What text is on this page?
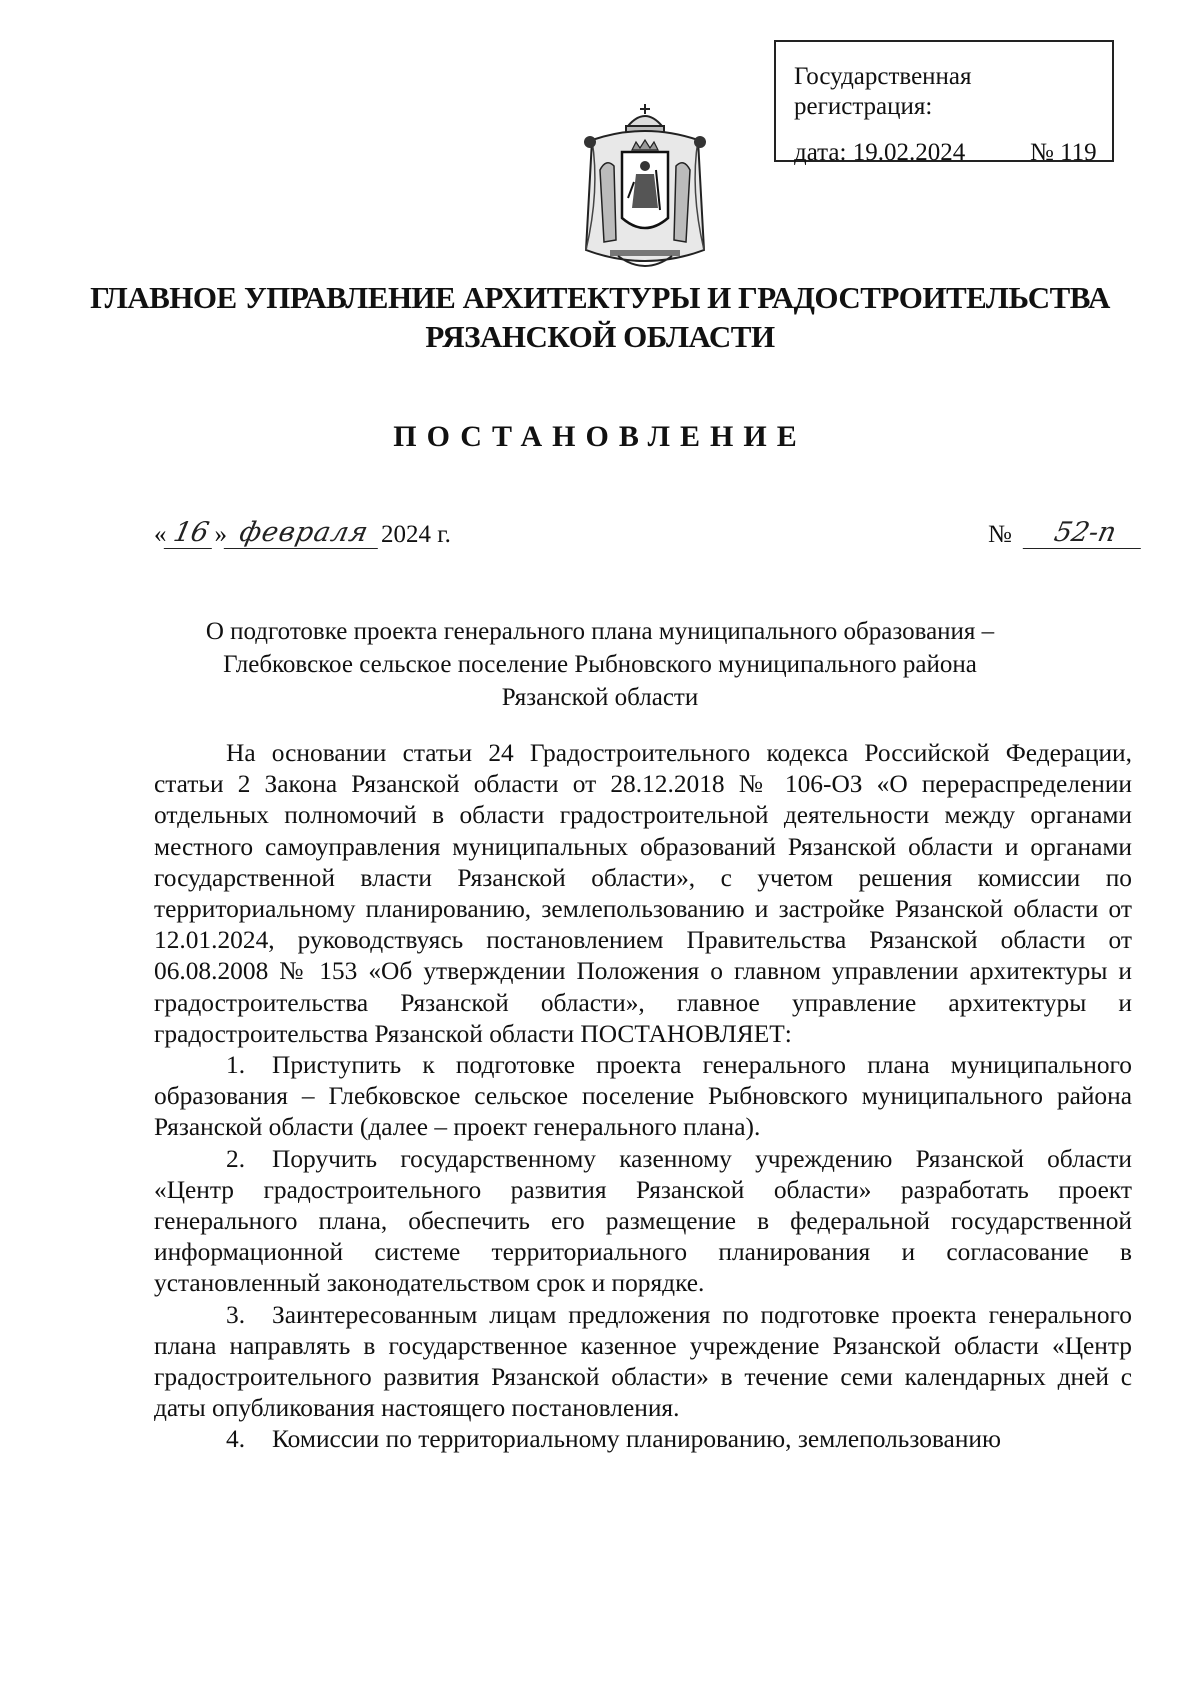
Государственная регистрация:
дата: 19.02.2024	№ 119
ГЛАВНОЕ УПРАВЛЕНИЕ АРХИТЕКТУРЫ И ГРАДОСТРОИТЕЛЬСТВА
РЯЗАНСКОЙ ОБЛАСТИ
ПОСТАНОВЛЕНИЕ
« 16 » февраля 2024 г.	№	52-п
О подготовке проекта генерального плана муниципального образования –
Глебковское сельское поселение Рыбновского муниципального района
Рязанской области

На основании статьи 24 Градостроительного кодекса Российской Федерации, статьи 2 Закона Рязанской области от 28.12.2018 № 106-ОЗ «О перераспределении отдельных полномочий в области градостроительной деятельности между органами местного самоуправления муниципальных образований Рязанской области и органами государственной власти Рязанской области», с учетом решения комиссии по территориальному планированию, землепользованию и застройке Рязанской области от 12.01.2024, руководствуясь постановлением Правительства Рязанской области от 06.08.2008 № 153 «Об утверждении Положения о главном управлении архитектуры и градостроительства Рязанской области», главное управление архитектуры и градостроительства Рязанской области ПОСТАНОВЛЯЕТ:

1. Приступить к подготовке проекта генерального плана муниципального образования – Глебковское сельское поселение Рыбновского муниципального района Рязанской области (далее – проект генерального плана).

2. Поручить государственному казенному учреждению Рязанской области «Центр градостроительного развития Рязанской области» разработать проект генерального плана, обеспечить его размещение в федеральной государственной информационной системе территориального планирования и согласование в установленный законодательством срок и порядке.

3. Заинтересованным лицам предложения по подготовке проекта генерального плана направлять в государственное казенное учреждение Рязанской области «Центр градостроительного развития Рязанской области» в течение семи календарных дней с даты опубликования настоящего постановления.

4. Комиссии по территориальному планированию, землепользованию
